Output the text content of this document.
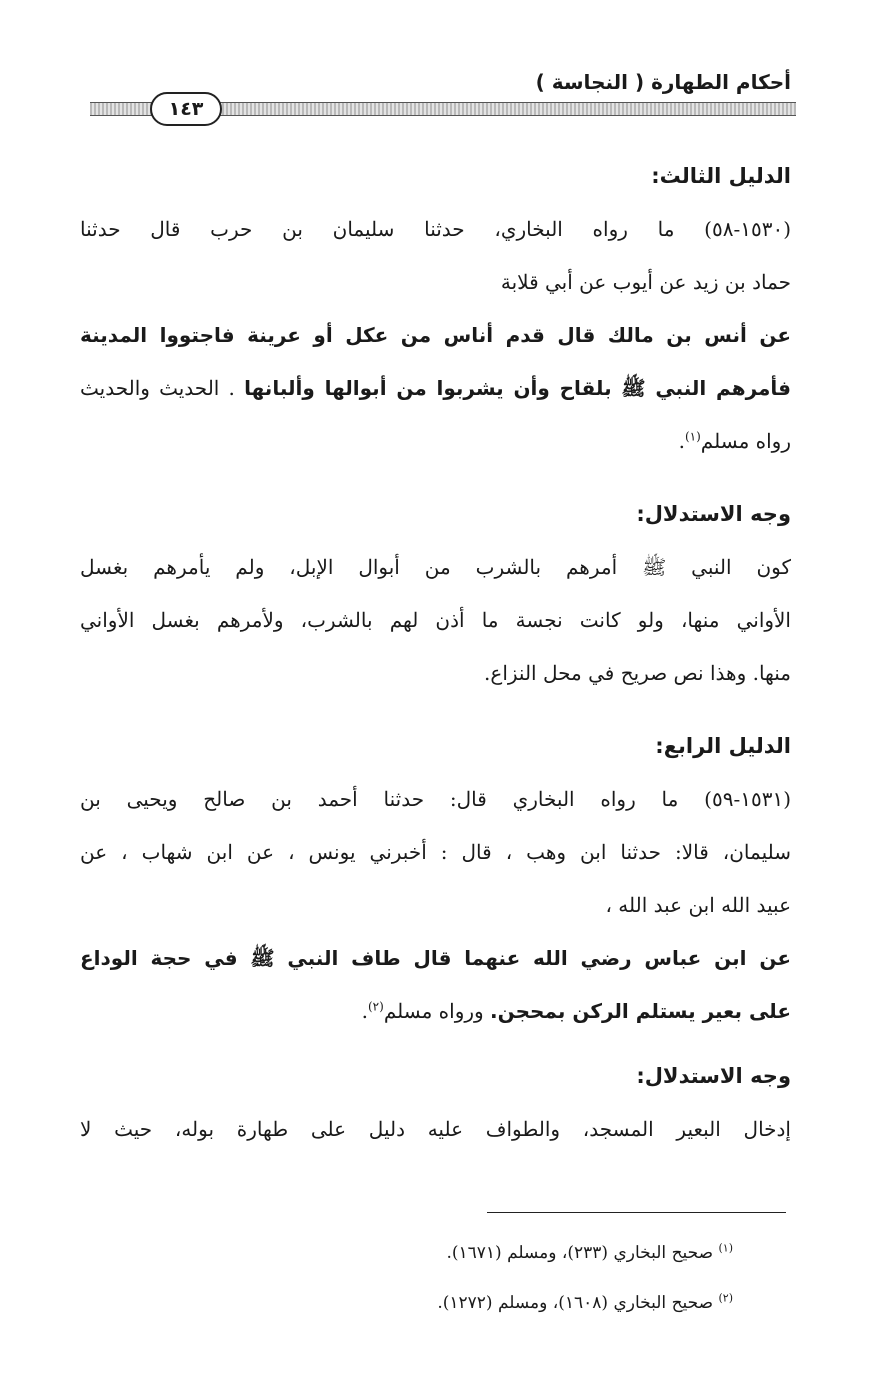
أحكام الطهارة ( النجاسة )
١٤٣
الدليل الثالث:
(١٥٣٠-٥٨) ما رواه البخاري، حدثنا سليمان بن حرب قال حدثنا
حماد بن زيد عن أيوب عن أبي قلابة
عن أنس بن مالك قال قدم أناس من عكل أو عرينة فاجتووا المدينة
فأمرهم النبي ﷺ بلقاح وأن يشربوا من أبوالها وألبانها . الحديث والحديث
رواه مسلم$^{(١)}$.
وجه الاستدلال:
كون النبي ﷺ أمرهم بالشرب من أبوال الإبل، ولم يأمرهم بغسل
الأواني منها، ولو كانت نجسة ما أذن لهم بالشرب، ولأمرهم بغسل الأواني
منها. وهذا نص صريح في محل النزاع.
الدليل الرابع:
(١٥٣١-٥٩) ما رواه البخاري قال: حدثنا أحمد بن صالح ويحيى بن
سليمان، قالا: حدثنا ابن وهب ، قال : أخبرني يونس ، عن ابن شهاب ، عن
عبيد الله ابن عبد الله ،
عن ابن عباس رضي الله عنهما قال طاف النبي ﷺ في حجة الوداع
على بعير يستلم الركن بمحجن. ورواه مسلم$^{(٢)}$.
وجه الاستدلال:
إدخال البعير المسجد، والطواف عليه دليل على طهارة بوله، حيث لا
$^{(١)}$ صحيح البخاري (٢٣٣)، ومسلم (١٦٧١).
$^{(٢)}$ صحيح البخاري (١٦٠٨)، ومسلم (١٢٧٢).
